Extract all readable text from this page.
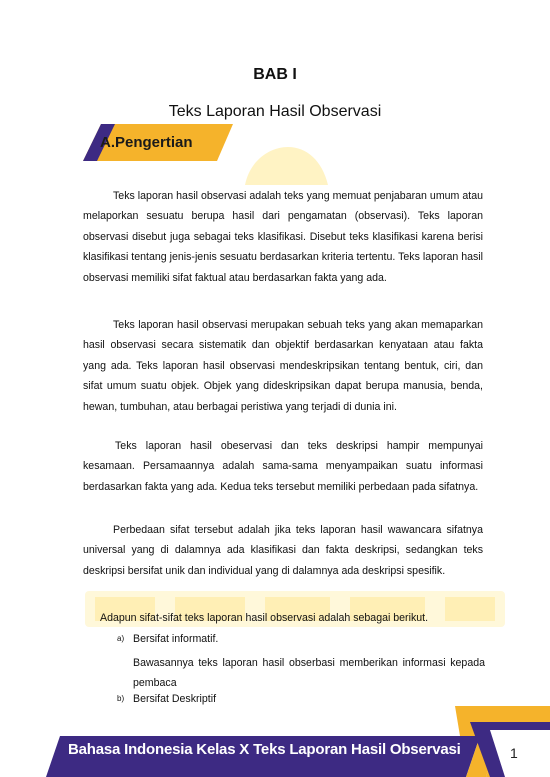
BAB I
Teks Laporan Hasil Observasi
A.Pengertian

Teks laporan hasil observasi adalah teks yang memuat penjabaran umum atau melaporkan sesuatu berupa hasil dari pengamatan (observasi). Teks laporan observasi disebut juga sebagai teks klasifikasi. Disebut teks klasifikasi karena berisi klasifikasi tentang jenis-jenis sesuatu berdasarkan kriteria tertentu. Teks laporan hasil observasi memiliki sifat faktual atau berdasarkan fakta yang ada.

Teks laporan hasil observasi merupakan sebuah teks yang akan memaparkan hasil observasi secara sistematik dan objektif berdasarkan kenyataan atau fakta yang ada. Teks laporan hasil observasi mendeskripsikan tentang bentuk, ciri, dan sifat umum suatu objek. Objek yang dideskripsikan dapat berupa manusia, benda, hewan, tumbuhan, atau berbagai peristiwa yang terjadi di dunia ini.

Teks laporan hasil obeservasi dan teks deskripsi hampir mempunyai kesamaan. Persamaannya adalah sama-sama menyampaikan suatu informasi berdasarkan fakta yang ada. Kedua teks tersebut memiliki perbedaan pada sifatnya.

Perbedaan sifat tersebut adalah jika teks laporan hasil wawancara sifatnya universal yang di dalamnya ada klasifikasi dan fakta deskripsi, sedangkan teks deskripsi bersifat unik dan individual yang di dalamnya ada deskripsi spesifik.

Adapun sifat-sifat teks laporan hasil observasi adalah sebagai berikut.
a) Bersifat informatif.

Bawasannya teks laporan hasil obserbasi memberikan informasi kepada pembaca

b) Bersifat Deskriptif
Bahasa Indonesia Kelas X Teks Laporan Hasil Observasi	1
